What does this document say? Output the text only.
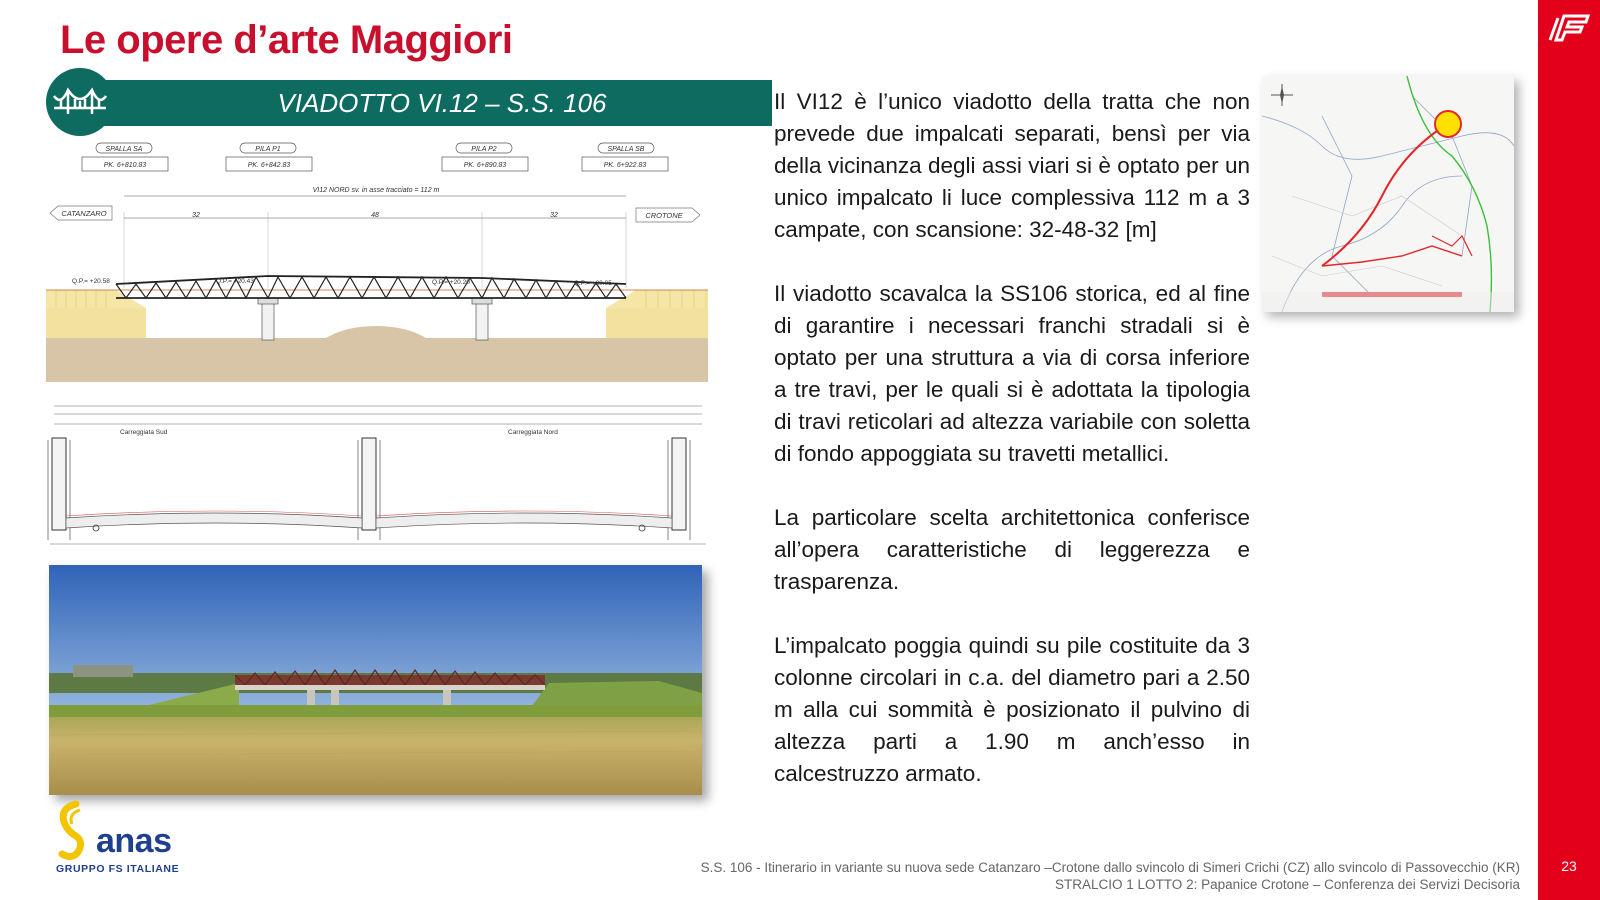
23
Le opere d’arte Maggiori
VIADOTTO VI.12 – S.S. 106
SPALLA SA
PK. 6+810.83
PILA P1
PK. 6+842.83
PILA P2
PK. 6+890.83
SPALLA SB
PK. 6+922.83
VI12 NORD sv. in asse tracciato = 112 m
CATANZARO	CROTONE
32	48	32
Q.P.= +20.58	Q.P.= +20.43	Q.P.= +20.20	Q.P.= +20.05
Carreggiata Sud	Carreggiata Nord

Il VI12 è l’unico viadotto della tratta che non prevede due impalcati separati, bensì per via della vicinanza degli assi viari si è optato per un unico impalcato li luce complessiva 112 m a 3 campate, con scansione: 32-48-32 [m]

Il viadotto scavalca la SS106 storica, ed al fine di garantire i necessari franchi stradali si è optato per una struttura a via di corsa inferiore a tre travi, per le quali si è adottata la tipologia di travi reticolari ad altezza variabile con soletta di fondo appoggiata su travetti metallici.

La particolare scelta architettonica conferisce all’opera caratteristiche di leggerezza e trasparenza.

L’impalcato poggia quindi su pile costituite da 3 colonne circolari in c.a. del diametro pari a 2.50 m alla cui sommità è posizionato il pulvino di altezza parti a 1.90 m anch’esso in calcestruzzo armato.

anas
GRUPPO FS ITALIANE	S.S. 106 - Itinerario in variante su nuova sede Catanzaro –Crotone dallo svincolo di Simeri Crichi (CZ) allo svincolo di Passovecchio (KR)
STRALCIO 1 LOTTO 2: Papanice Crotone – Conferenza dei Servizi Decisoria
